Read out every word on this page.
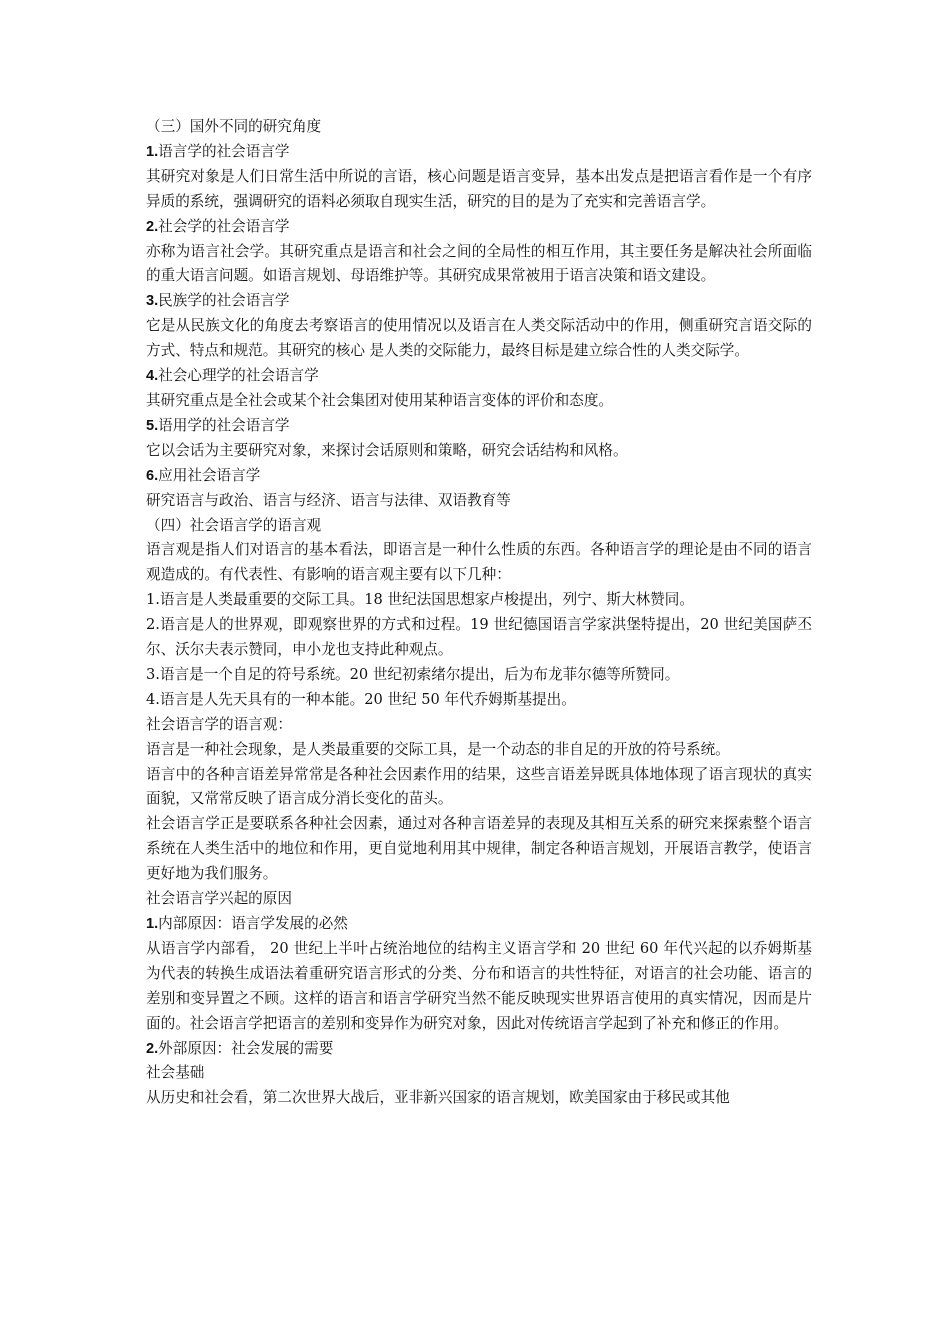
（三）国外不同的研究角度

1.语言学的社会语言学

其研究对象是人们日常生活中所说的言语，核心问题是语言变异，基本出发点是把语言看作是一个有序异质的系统，强调研究的语料必须取自现实生活，研究的目的是为了充实和完善语言学。

2.社会学的社会语言学

亦称为语言社会学。其研究重点是语言和社会之间的全局性的相互作用，其主要任务是解决社会所面临的重大语言问题。如语言规划、母语维护等。其研究成果常被用于语言决策和语文建设。

3.民族学的社会语言学

它是从民族文化的角度去考察语言的使用情况以及语言在人类交际活动中的作用，侧重研究言语交际的方式、特点和规范。其研究的核心 是人类的交际能力，最终目标是建立综合性的人类交际学。

4.社会心理学的社会语言学

其研究重点是全社会或某个社会集团对使用某种语言变体的评价和态度。

5.语用学的社会语言学

它以会话为主要研究对象，来探讨会话原则和策略，研究会话结构和风格。

6.应用社会语言学

研究语言与政治、语言与经济、语言与法律、双语教育等

（四）社会语言学的语言观

语言观是指人们对语言的基本看法，即语言是一种什么性质的东西。各种语言学的理论是由不同的语言观造成的。有代表性、有影响的语言观主要有以下几种：

1.语言是人类最重要的交际工具。18 世纪法国思想家卢梭提出，列宁、斯大林赞同。

2.语言是人的世界观，即观察世界的方式和过程。19 世纪德国语言学家洪堡特提出，20 世纪美国萨丕尔、沃尔夫表示赞同，申小龙也支持此种观点。

3.语言是一个自足的符号系统。20 世纪初索绪尔提出，后为布龙菲尔德等所赞同。

4.语言是人先天具有的一种本能。20 世纪 50 年代乔姆斯基提出。

社会语言学的语言观：

语言是一种社会现象，是人类最重要的交际工具，是一个动态的非自足的开放的符号系统。

语言中的各种言语差异常常是各种社会因素作用的结果，这些言语差异既具体地体现了语言现状的真实面貌，又常常反映了语言成分消长变化的苗头。

社会语言学正是要联系各种社会因素，通过对各种言语差异的表现及其相互关系的研究来探索整个语言系统在人类生活中的地位和作用，更自觉地利用其中规律，制定各种语言规划，开展语言教学，使语言更好地为我们服务。

社会语言学兴起的原因

1.内部原因：语言学发展的必然

从语言学内部看， 20 世纪上半叶占统治地位的结构主义语言学和 20 世纪 60 年代兴起的以乔姆斯基为代表的转换生成语法着重研究语言形式的分类、分布和语言的共性特征，对语言的社会功能、语言的差别和变异置之不顾。这样的语言和语言学研究当然不能反映现实世界语言使用的真实情况，因而是片面的。社会语言学把语言的差别和变异作为研究对象，因此对传统语言学起到了补充和修正的作用。

2.外部原因：社会发展的需要

社会基础

从历史和社会看，第二次世界大战后，亚非新兴国家的语言规划，欧美国家由于移民或其他
